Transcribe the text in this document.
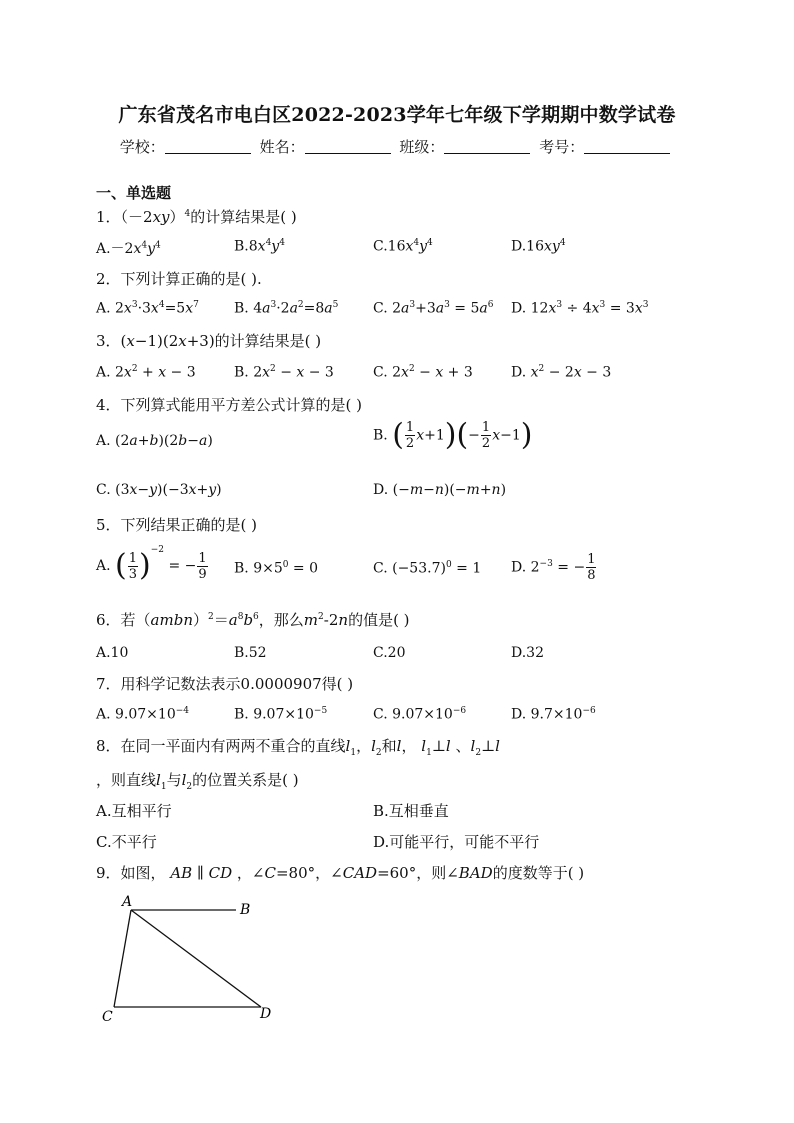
广东省茂名市电白区2022-2023学年七年级下学期期中数学试卷
学校：	姓名：	班级：	考号：
一、单选题
1．$(-2xy)^4$的计算结果是( )
$A.-2x^4y^4$	$B.8x^4y^4$	$C.16x^4y^4$	$D.16xy^4$
2．下列计算正确的是( ).
A. $2x^3\cdot 3x^4=5x^7$	B. $4a^3\cdot 2a^2=8a^5$ C. $2a^3+3a^3 = 5a^6$ D. $12x^3 \div 4x^3 = 3x^3$
3．(x−1)(2x+3)的计算结果是( )
A. $2x^2 + x - 3$	B. $2x^2 - x - 3$	C. $2x^2 - x + 3$	D. $x^2 - 2x - 3$
4．下列算式能用平方差公式计算的是( )
A. (2a+b)(2b−a)	B. ( $\frac{1}{2} x+1)(- \frac{1}{2} x-1)$
C. (3x−y)(−3x+y)	D. (−m−n)(−m+n)
5．下列结果正确的是( )
A. ( $\frac{1}{3} )^{-2}$ = − $\frac{1}{9} B$. $9\times 5^0 = 0$	C. $(-53.7)^0 = 1$ D. $2^{-3}$ = − $\frac{1}{8}$
6．若$(ambn)^2=a^8b^6$，那么$m^2-2n$的值是( )
A.10	B.52	C.20	D.32
7．用科学记数法表示0.0000907得( )
A. $9.07\times 10^{-4}$	B. $9.07\times 10^{-5}$	C. $9.07\times 10^{-6}$	D. $9.7\times 10^{-6}$
8．在同一平面内有两两不重合的直线$l_1$，$l_2$和l， $l_1\perp l$ 、$l_2\perp l$
，则直线$l_1$与$l_2$的位置关系是( )
A.互相平行	B.互相垂直
C.不平行	D.可能平行，可能不平行
9．如图， AB ∥ CD ，∠C=80°，∠CAD=60°，则∠BAD的度数等于( )
A	B
C	D
